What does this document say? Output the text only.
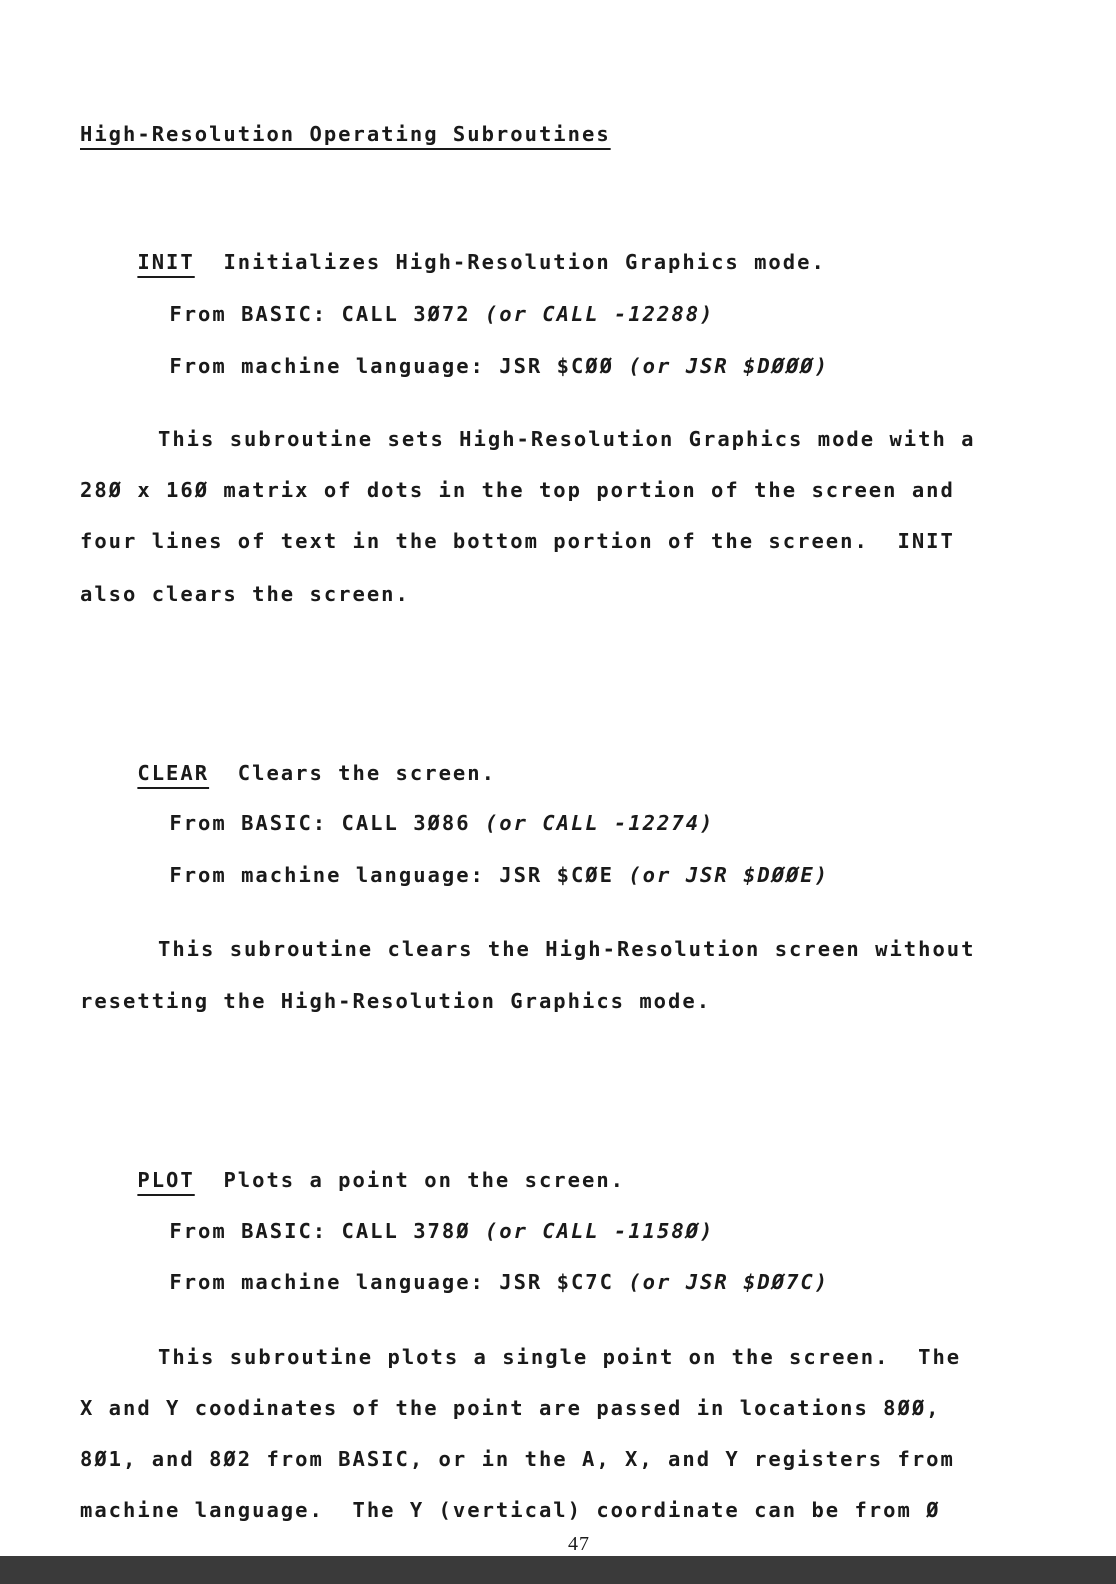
High-Resolution Operating Subroutines

INIT Initializes High-Resolution Graphics mode.

From BASIC: CALL 3Ø72 (or CALL -12288)

From machine language: JSR $CØØ (or JSR $DØØØ)

This subroutine sets High-Resolution Graphics mode with a
28Ø x 16Ø matrix of dots in the top portion of the screen and
four lines of text in the bottom portion of the screen.  INIT
also clears the screen.

CLEAR Clears the screen.

From BASIC: CALL 3Ø86 (or CALL -12274)

From machine language: JSR $CØE (or JSR $DØØE)

This subroutine clears the High-Resolution screen without
resetting the High-Resolution Graphics mode.

PLOT Plots a point on the screen.

From BASIC: CALL 378Ø (or CALL -1158Ø)

From machine language: JSR $C7C (or JSR $DØ7C)

This subroutine plots a single point on the screen.  The
X and Y coodinates of the point are passed in locations 8ØØ,
8Ø1, and 8Ø2 from BASIC, or in the A, X, and Y registers from
machine language.  The Y (vertical) coordinate can be from Ø
47
